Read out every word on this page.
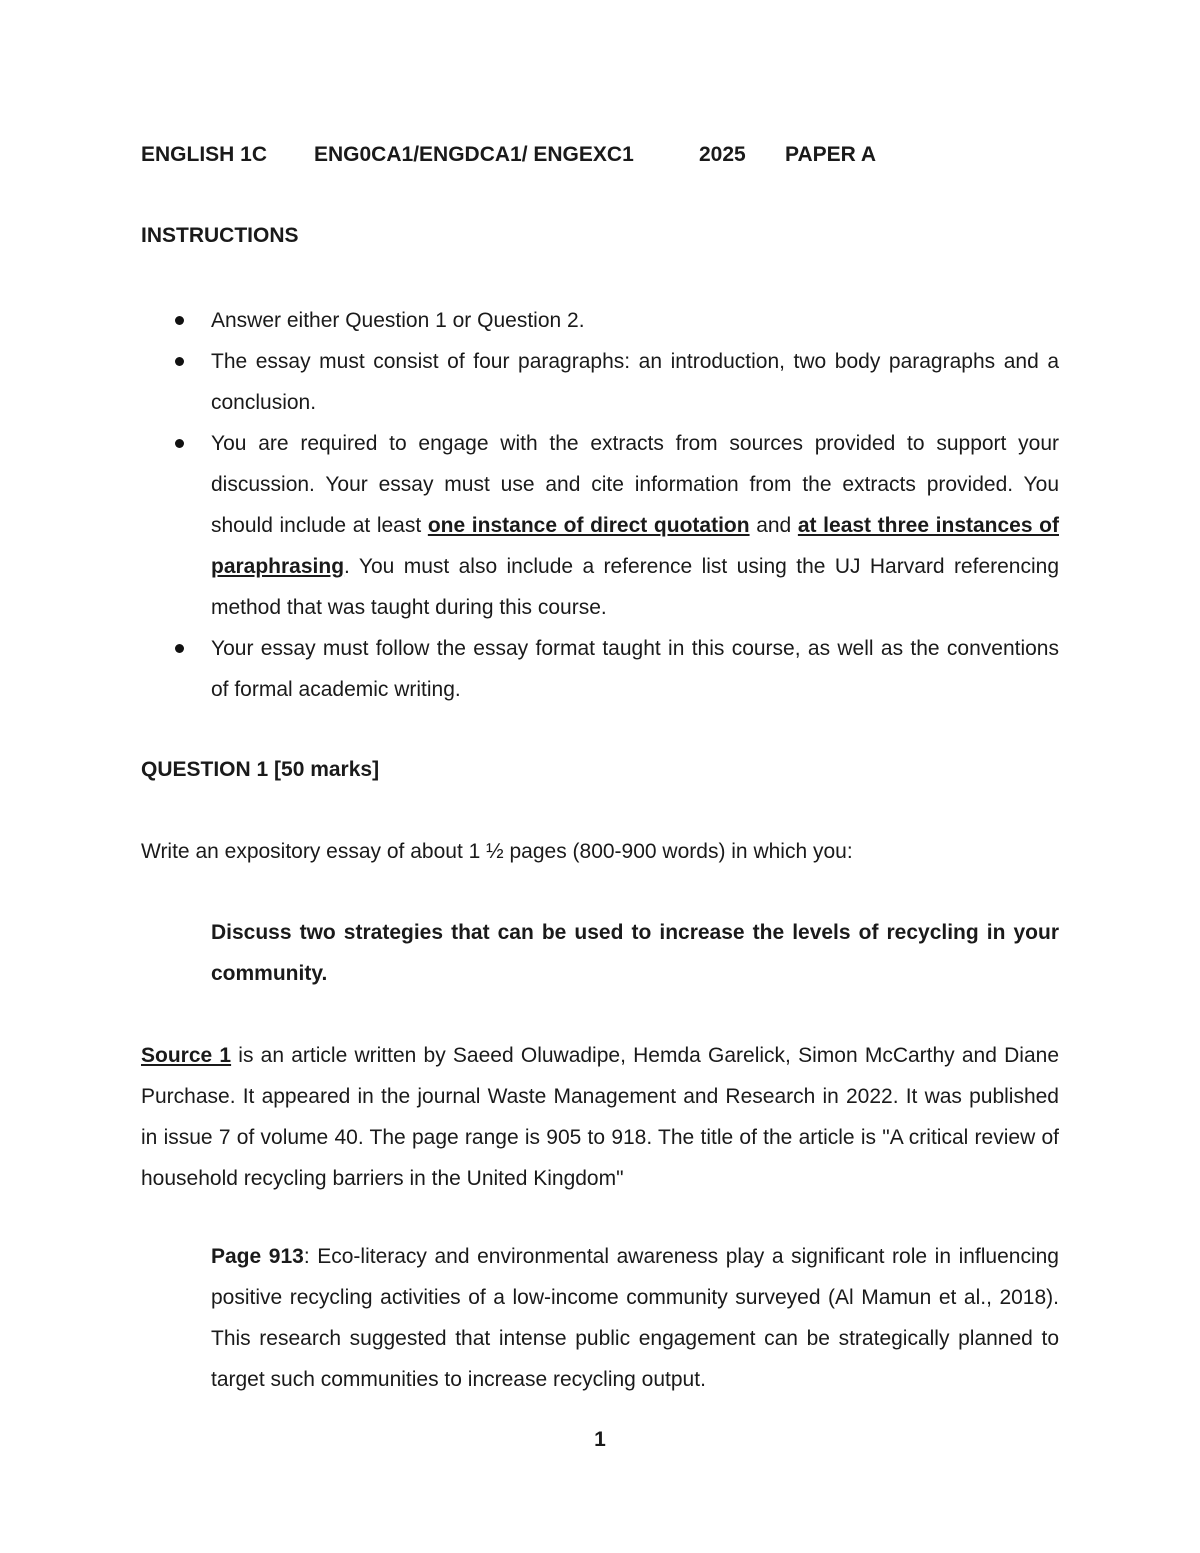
ENGLISH 1C ENG0CA1/ENGDCA1/ ENGEXC1	2025 PAPER A
INSTRUCTIONS
Answer either Question 1 or Question 2.
The essay must consist of four paragraphs: an introduction, two body paragraphs and a conclusion.
You are required to engage with the extracts from sources provided to support your discussion. Your essay must use and cite information from the extracts provided. You should include at least one instance of direct quotation and at least three instances of paraphrasing. You must also include a reference list using the UJ Harvard referencing method that was taught during this course.
Your essay must follow the essay format taught in this course, as well as the conventions of formal academic writing.
QUESTION 1 [50 marks]
Write an expository essay of about 1 ½ pages (800-900 words) in which you:
Discuss two strategies that can be used to increase the levels of recycling in your community.
Source 1 is an article written by Saeed Oluwadipe, Hemda Garelick, Simon McCarthy and Diane Purchase. It appeared in the journal Waste Management and Research in 2022. It was published in issue 7 of volume 40. The page range is 905 to 918. The title of the article is "A critical review of household recycling barriers in the United Kingdom"
Page 913: Eco-literacy and environmental awareness play a significant role in influencing positive recycling activities of a low-income community surveyed (Al Mamun et al., 2018). This research suggested that intense public engagement can be strategically planned to target such communities to increase recycling output.
1
